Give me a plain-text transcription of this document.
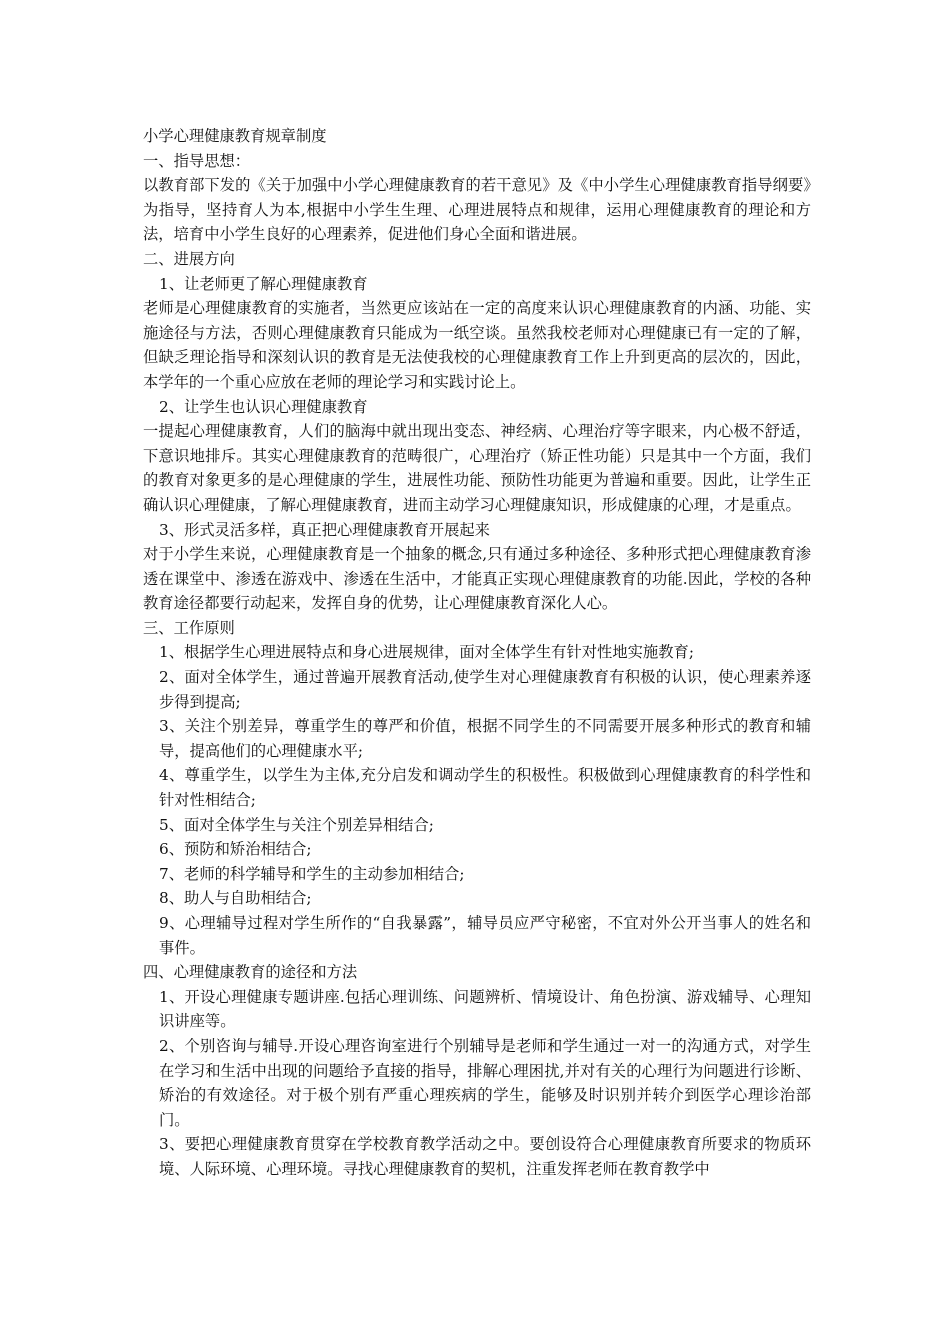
小学心理健康教育规章制度

一、指导思想：

以教育部下发的《关于加强中小学心理健康教育的若干意见》及《中小学生心理健康教育指导纲要》为指导，坚持育人为本,根据中小学生生理、心理进展特点和规律，运用心理健康教育的理论和方法，培育中小学生良好的心理素养，促进他们身心全面和谐进展。

二、进展方向

1、让老师更了解心理健康教育

老师是心理健康教育的实施者，当然更应该站在一定的高度来认识心理健康教育的内涵、功能、实施途径与方法，否则心理健康教育只能成为一纸空谈。虽然我校老师对心理健康已有一定的了解，但缺乏理论指导和深刻认识的教育是无法使我校的心理健康教育工作上升到更高的层次的，因此，本学年的一个重心应放在老师的理论学习和实践讨论上。

2、让学生也认识心理健康教育

一提起心理健康教育，人们的脑海中就出现出变态、神经病、心理治疗等字眼来，内心极不舒适，下意识地排斥。其实心理健康教育的范畴很广，心理治疗（矫正性功能）只是其中一个方面，我们的教育对象更多的是心理健康的学生，进展性功能、预防性功能更为普遍和重要。因此，让学生正确认识心理健康，了解心理健康教育，进而主动学习心理健康知识，形成健康的心理，才是重点。

3、形式灵活多样，真正把心理健康教育开展起来

对于小学生来说，心理健康教育是一个抽象的概念,只有通过多种途径、多种形式把心理健康教育渗透在课堂中、渗透在游戏中、渗透在生活中，才能真正实现心理健康教育的功能.因此，学校的各种教育途径都要行动起来，发挥自身的优势，让心理健康教育深化人心。

三、工作原则

1、根据学生心理进展特点和身心进展规律，面对全体学生有针对性地实施教育;

2、面对全体学生，通过普遍开展教育活动,使学生对心理健康教育有积极的认识，使心理素养逐步得到提高;

3、关注个别差异，尊重学生的尊严和价值，根据不同学生的不同需要开展多种形式的教育和辅导，提高他们的心理健康水平;

4、尊重学生，以学生为主体,充分启发和调动学生的积极性。积极做到心理健康教育的科学性和针对性相结合;

5、面对全体学生与关注个别差异相结合;

6、预防和矫治相结合;

7、老师的科学辅导和学生的主动参加相结合;

8、助人与自助相结合;

9、心理辅导过程对学生所作的“自我暴露”，辅导员应严守秘密，不宜对外公开当事人的姓名和事件。

四、心理健康教育的途径和方法

1、开设心理健康专题讲座.包括心理训练、问题辨析、情境设计、角色扮演、游戏辅导、心理知识讲座等。

2、个别咨询与辅导.开设心理咨询室进行个别辅导是老师和学生通过一对一的沟通方式，对学生在学习和生活中出现的问题给予直接的指导，排解心理困扰,并对有关的心理行为问题进行诊断、矫治的有效途径。对于极个别有严重心理疾病的学生，能够及时识别并转介到医学心理诊治部门。

3、要把心理健康教育贯穿在学校教育教学活动之中。要创设符合心理健康教育所要求的物质环境、人际环境、心理环境。寻找心理健康教育的契机，注重发挥老师在教育教学中
